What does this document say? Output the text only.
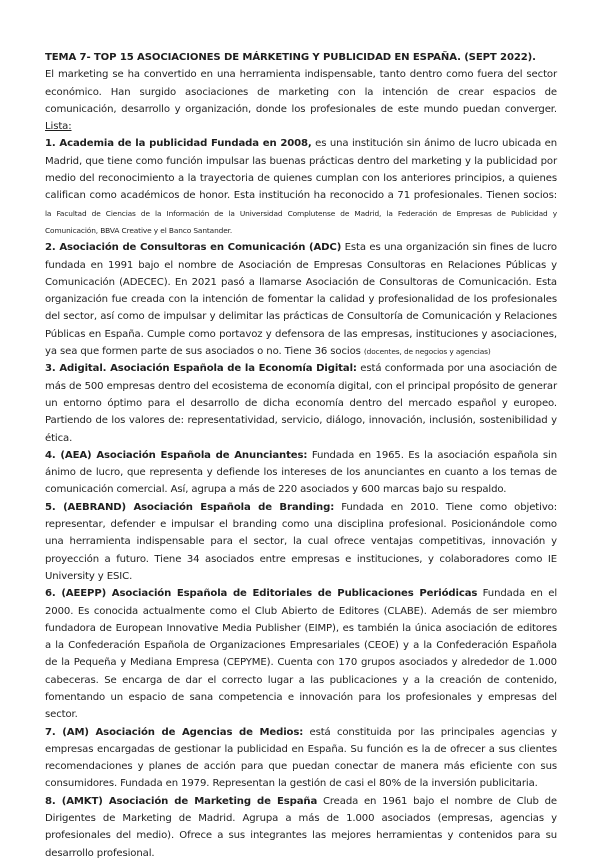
TEMA 7- TOP 15 ASOCIACIONES DE MÁRKETING Y PUBLICIDAD EN ESPAÑA. (SEPT 2022).

El marketing se ha convertido en una herramienta indispensable, tanto dentro como fuera del sector económico. Han surgido asociaciones de marketing con la intención de crear espacios de comunicación, desarrollo y organización, donde los profesionales de este mundo puedan converger. Lista:

1. Academia de la publicidad Fundada en 2008, es una institución sin ánimo de lucro ubicada en Madrid, que tiene como función impulsar las buenas prácticas dentro del marketing y la publicidad por medio del reconocimiento a la trayectoria de quienes cumplan con los anteriores principios, a quienes califican como académicos de honor. Esta institución ha reconocido a 71 profesionales. Tienen socios: la Facultad de Ciencias de la Información de la Universidad Complutense de Madrid, la Federación de Empresas de Publicidad y Comunicación, BBVA Creative y el Banco Santander.

2. Asociación de Consultoras en Comunicación (ADC) Esta es una organización sin fines de lucro fundada en 1991 bajo el nombre de Asociación de Empresas Consultoras en Relaciones Públicas y Comunicación (ADECEC). En 2021 pasó a llamarse Asociación de Consultoras de Comunicación. Esta organización fue creada con la intención de fomentar la calidad y profesionalidad de los profesionales del sector, así como de impulsar y delimitar las prácticas de Consultoría de Comunicación y Relaciones Públicas en España. Cumple como portavoz y defensora de las empresas, instituciones y asociaciones, ya sea que formen parte de sus asociados o no. Tiene 36 socios (docentes, de negocios y agencias)

3. Adigital. Asociación Española de la Economía Digital: está conformada por una asociación de más de 500 empresas dentro del ecosistema de economía digital, con el principal propósito de generar un entorno óptimo para el desarrollo de dicha economía dentro del mercado español y europeo. Partiendo de los valores de: representatividad, servicio, diálogo, innovación, inclusión, sostenibilidad y ética.

4. (AEA) Asociación Española de Anunciantes: Fundada en 1965. Es la asociación española sin ánimo de lucro, que representa y defiende los intereses de los anunciantes en cuanto a los temas de comunicación comercial. Así, agrupa a más de 220 asociados y 600 marcas bajo su respaldo.

5. (AEBRAND) Asociación Española de Branding: Fundada en 2010. Tiene como objetivo: representar, defender e impulsar el branding como una disciplina profesional. Posicionándole como una herramienta indispensable para el sector, la cual ofrece ventajas competitivas, innovación y proyección a futuro. Tiene 34 asociados entre empresas e instituciones, y colaboradores como IE University y ESIC.

6. (AEEPP) Asociación Española de Editoriales de Publicaciones Periódicas Fundada en el 2000. Es conocida actualmente como el Club Abierto de Editores (CLABE). Además de ser miembro fundadora de European Innovative Media Publisher (EIMP), es también la única asociación de editores a la Confederación Española de Organizaciones Empresariales (CEOE) y a la Confederación Española de la Pequeña y Mediana Empresa (CEPYME). Cuenta con 170 grupos asociados y alrededor de 1.000 cabeceras. Se encarga de dar el correcto lugar a las publicaciones y a la creación de contenido, fomentando un espacio de sana competencia e innovación para los profesionales y empresas del sector.

7. (AM) Asociación de Agencias de Medios: está constituida por las principales agencias y empresas encargadas de gestionar la publicidad en España. Su función es la de ofrecer a sus clientes recomendaciones y planes de acción para que puedan conectar de manera más eficiente con sus consumidores. Fundada en 1979. Representan la gestión de casi el 80% de la inversión publicitaria.

8. (AMKT) Asociación de Marketing de España Creada en 1961 bajo el nombre de Club de Dirigentes de Marketing de Madrid. Agrupa a más de 1.000 asociados (empresas, agencias y profesionales del medio). Ofrece a sus integrantes las mejores herramientas y contenidos para su desarrollo profesional.
